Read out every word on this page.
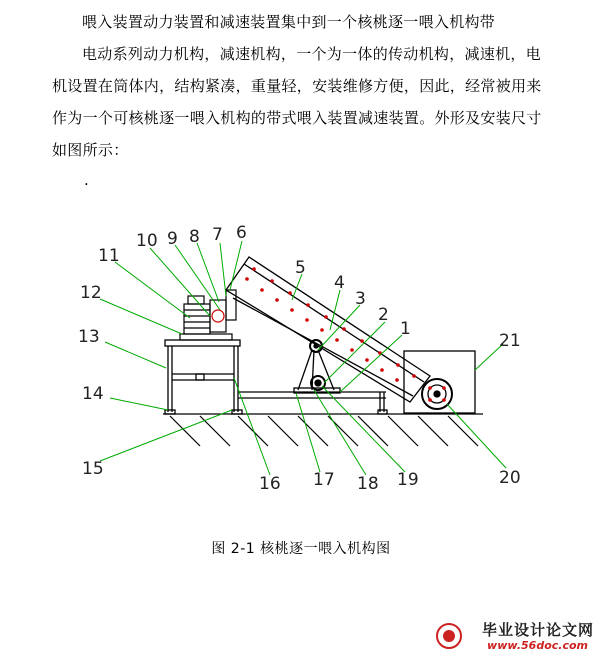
喂入装置动力装置和减速装置集中到一个核桃逐一喂入机构带
电动系列动力机构，减速机构，一个为一体的传动机构，减速机，电机设置在筒体内，结构紧凑，重量轻，安装维修方便，因此，经常被用来作为一个可核桃逐一喂入机构的带式喂入装置减速装置。外形及安装尺寸如图所示：
.
1
2
3
4
5
6
7
8
9
10
11
12
13
14
15
16 17 18 19	20
21
图 2-1 核桃逐一喂入机构图
毕业设计论文网
www.56doc.com
